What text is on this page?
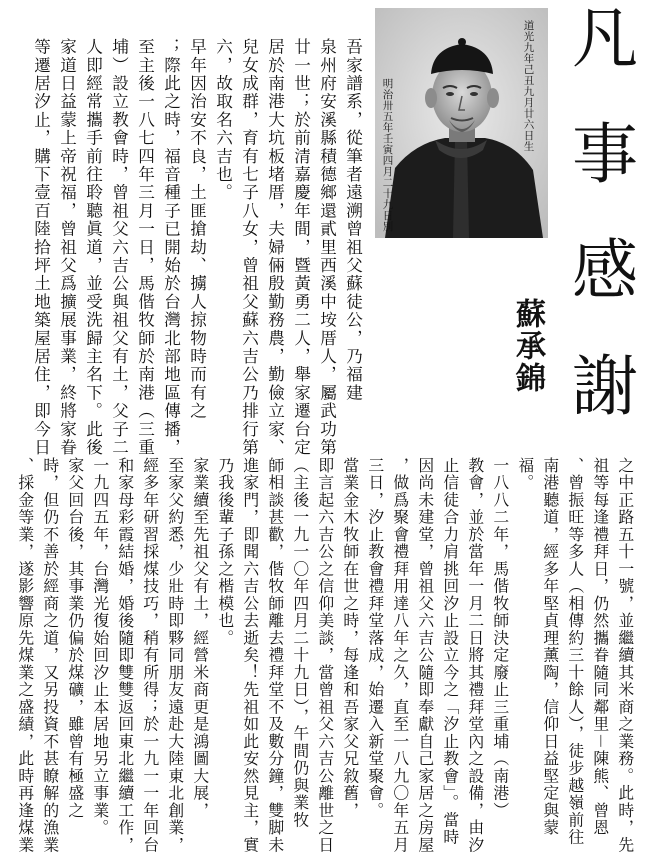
凡
事
感
謝
蘇承錦
道光九年己丑九月廿六日生
明治卅五年壬寅四月二十九日別
吾家譜系，從筆者遠溯曾祖父蘇徒公，乃福建
泉州府安溪縣積德鄉還貳里西溪中垵厝人，屬武功第
廿一世；於前清嘉慶年間，暨黃勇二人，舉家遷台定
居於南港大坑板堵厝，夫婦倆殷勤務農，勤儉立家、
兒女成群，育有七子八女，曾祖父蘇六吉公乃排行第
六，故取名六吉也。
早年因治安不良，土匪搶劫、擄人掠物時而有之
；際此之時，福音種子已開始於台灣北部地區傳播，
至主後一八七四年三月一日，馬偕牧師於南港（三重
埔）設立教會時，曾祖父六吉公與祖父有土，父子二
人即經常攜手前往聆聽眞道，並受洗歸主名下。此後
家道日益蒙上帝祝福，曾祖父爲擴展事業，終將家眷
等遷居汐止，購下壹百陸拾坪土地築屋居住，即今日
之中正路五十一號，並繼續其米商之業務。此時，先
祖等每逢禮拜日，仍然攜眷隨同鄰里－陳熊、曾恩
、曾振旺等多人（相傳約三十餘人），徒步越嶺前往
南港聽道，經多年堅貞理薰陶，信仰日益堅定與蒙
福。
一八八二年，馬偕牧師決定廢止三重埔（南港）
教會，並於當年一月二日將其禮拜堂內之設備，由汐
止信徒合力肩挑回汐止設立今之「汐止教會」。當時
因尚未建堂，曾祖父六吉公隨即奉獻自己家居之房屋
，做爲聚會禮拜用達八年之久，直至一八九〇年五月
三日，汐止教會禮拜堂落成，始遷入新堂聚會。
當業金木牧師在世之時，每逢和吾家父兄敘舊，
即言起六吉公之信仰美談，當曾祖父六吉公離世之日
（主後一九一〇年四月二十九日），午間仍與業牧
師相談甚歡，偕牧師離去禮拜堂不及數分鐘，雙脚未
進家門，即聞六吉公去逝矣！先祖如此安然見主，實
乃我後輩子孫之楷模也。
家業續至先祖父有土，經營米商更是鴻圖大展，
至家父約悉，少壯時即夥同朋友遠赴大陸東北創業，
經多年研習採煤技巧，稍有所得；於一九一一年回台
和家母彩霞結婚，婚後隨即雙雙返回東北繼續工作，
一九四五年，台灣光復始回汐止本居地另立事業。
家父回台後，其事業仍偏於煤礦，雖曾有極盛之
時，但仍不善於經商之道，又另投資不甚瞭解的漁業
、採金等業，遂影響原先煤業之盛績，此時再逢煤業
